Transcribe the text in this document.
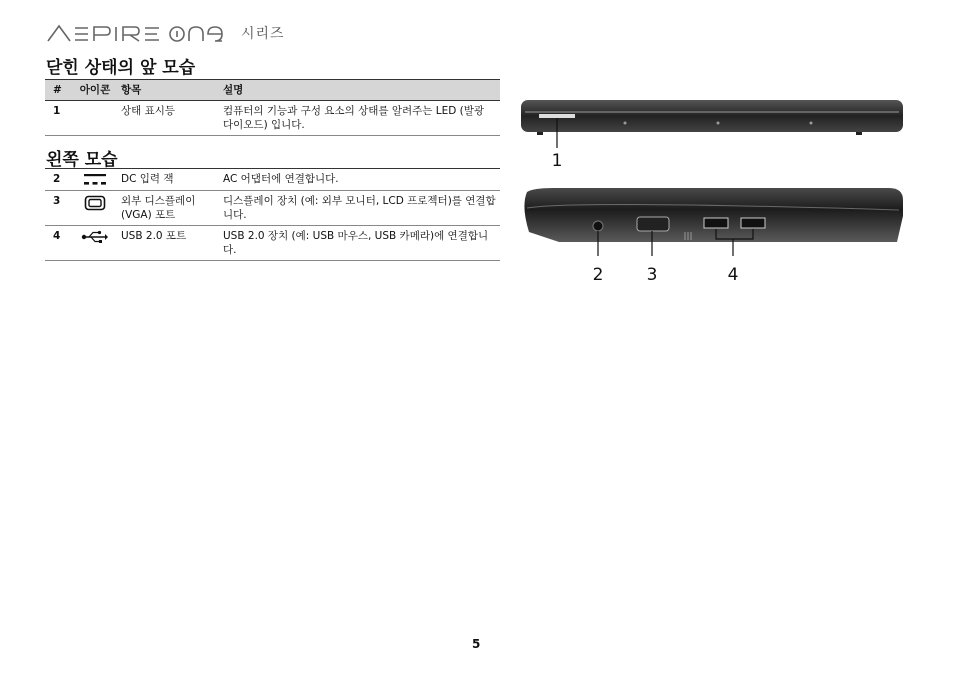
시리즈
닫힌 상태의 앞 모습
#	아이콘	항목	설명
1		상태 표시등	컴퓨터의 기능과 구성 요소의 상태를 알려주는 LED (발광 다이오드) 입니다.
왼쪽 모습
2		DC 입력 잭	AC 어댑터에 연결합니다.
3		외부 디스플레이 (VGA) 포트	디스플레이 장치 (예: 외부 모니터, LCD 프로젝터)를 연결합니다.
4		USB 2.0 포트	USB 2.0 장치 (예: USB 마우스, USB 카메라)에 연결합니다.
1
2	3	4
5
